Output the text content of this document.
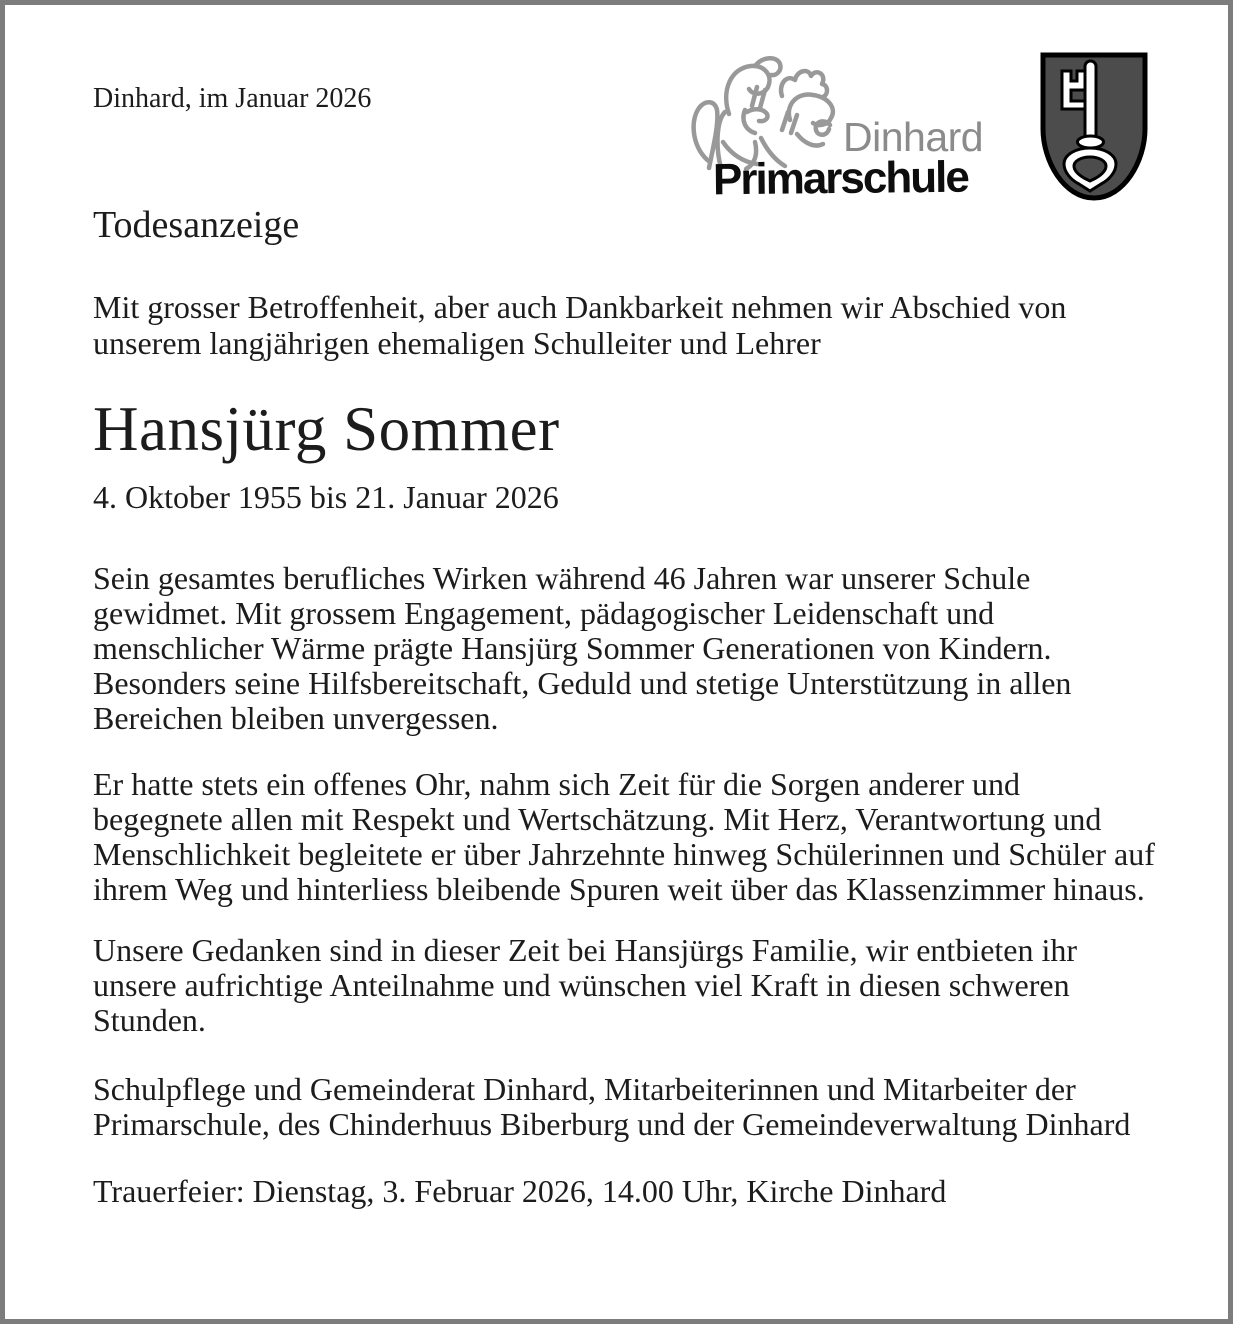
Dinhard, im Januar 2026
Dinhard
Primarschule
Todesanzeige

Mit grosser Betroffenheit, aber auch Dankbarkeit nehmen wir Abschied von unserem langjährigen ehemaligen Schulleiter und Lehrer

Hansjürg Sommer

4. Oktober 1955 bis 21. Januar 2026

Sein gesamtes berufliches Wirken während 46 Jahren war unserer Schule gewidmet. Mit grossem Engagement, pädagogischer Leidenschaft und menschlicher Wärme prägte Hansjürg Sommer Generationen von Kindern. Besonders seine Hilfsbereitschaft, Geduld und stetige Unterstützung in allen Bereichen bleiben unvergessen.

Er hatte stets ein offenes Ohr, nahm sich Zeit für die Sorgen anderer und begegnete allen mit Respekt und Wertschätzung. Mit Herz, Verantwortung und Menschlichkeit begleitete er über Jahrzehnte hinweg Schülerinnen und Schüler auf ihrem Weg und hinterliess bleibende Spuren weit über das Klassenzimmer hinaus.

Unsere Gedanken sind in dieser Zeit bei Hansjürgs Familie, wir entbieten ihr unsere aufrichtige Anteilnahme und wünschen viel Kraft in diesen schweren Stunden.

Schulpflege und Gemeinderat Dinhard, Mitarbeiterinnen und Mitarbeiter der Primarschule, des Chinderhuus Biberburg und der Gemeindeverwaltung Dinhard

Trauerfeier: Dienstag, 3. Februar 2026, 14.00 Uhr, Kirche Dinhard
